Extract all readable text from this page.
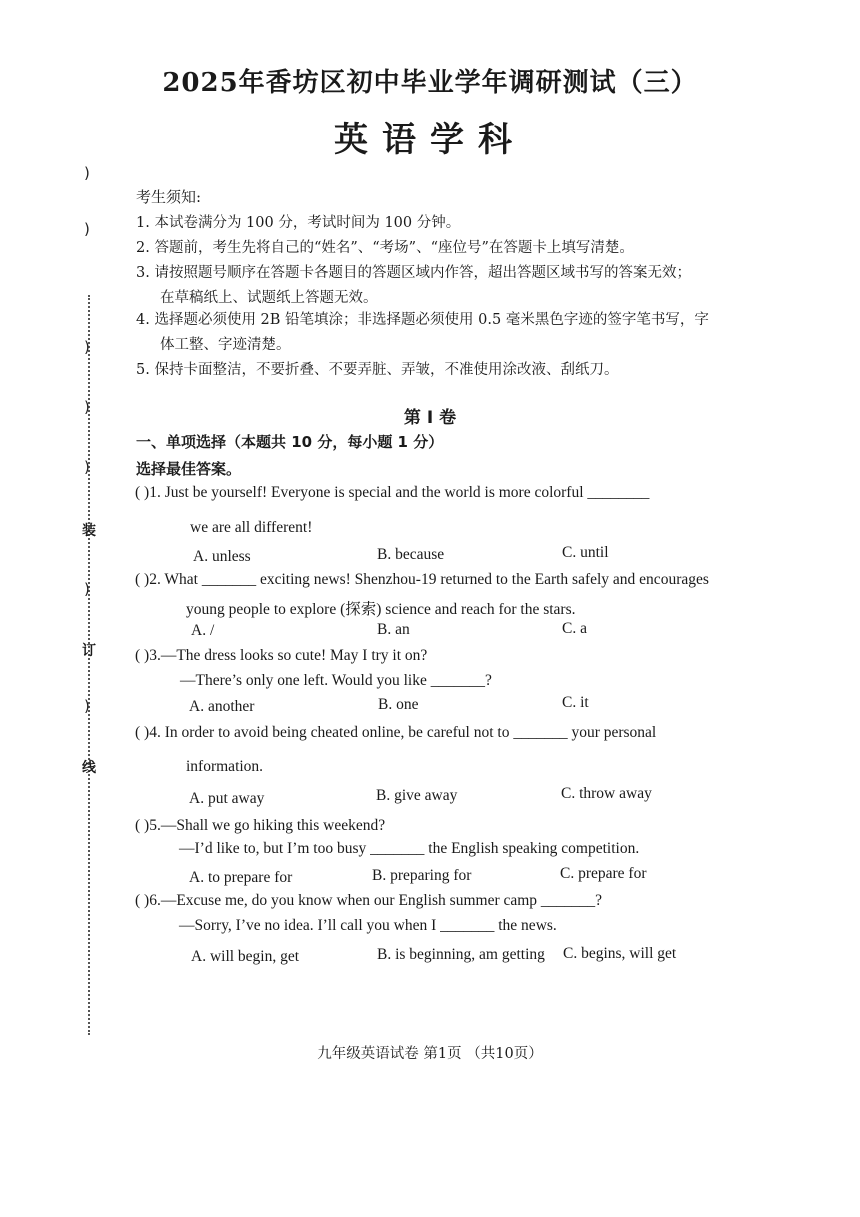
)
)
)
)
)
装
)
订
)
线
2025年香坊区初中毕业学年调研测试（三）
英语学科
考生须知:
1. 本试卷满分为 100 分，考试时间为 100 分钟。
2. 答题前，考生先将自己的“姓名”、“考场”、“座位号”在答题卡上填写清楚。
3. 请按照题号顺序在答题卡各题目的答题区域内作答，超出答题区域书写的答案无效；
在草稿纸上、试题纸上答题无效。
4. 选择题必须使用 2B 铅笔填涂；非选择题必须使用 0.5 毫米黑色字迹的签字笔书写，字
体工整、字迹清楚。
5. 保持卡面整洁，不要折叠、不要弄脏、弄皱，不准使用涂改液、刮纸刀。
第 Ⅰ 卷
一、单项选择（本题共 10 分，每小题 1 分）
选择最佳答案。
( )1. Just be yourself! Everyone is special and the world is more colorful ________
we are all different!
A. unless	B. because	C. until
( )2. What _______ exciting news! Shenzhou-19 returned to the Earth safely and encourages
young people to explore (探索) science and reach for the stars.
A. /	B. an	C. a
( )3.—The dress looks so cute! May I try it on?
—There’s only one left. Would you like _______?
A. another	B. one	C. it
( )4. In order to avoid being cheated online, be careful not to _______ your personal
information.
A. put away	B. give away	C. throw away
( )5.—Shall we go hiking this weekend?
—I’d like to, but I’m too busy _______ the English speaking competition.
A. to prepare for	B. preparing for	C. prepare for
( )6.—Excuse me, do you know when our English summer camp _______?
—Sorry, I’ve no idea. I’ll call you when I _______ the news.
A. will begin, get	B. is beginning, am getting C. begins, will get
九年级英语试卷 第1页 （共10页）
